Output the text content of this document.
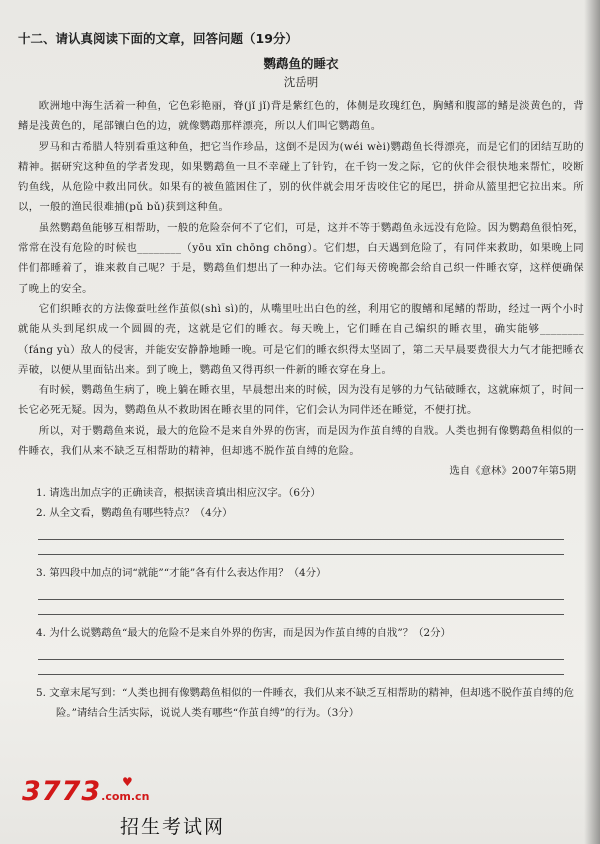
十二、请认真阅读下面的文章，回答问题（19分）

鹦鹉鱼的睡衣

沈岳明

欧洲地中海生活着一种鱼，它色彩艳丽，脊(jǐ jǐ)背是紫红色的，体侧是玫瑰红色，胸鳍和腹部的鳍是淡黄色的，背鳍是浅黄色的，尾部镶白色的边，就像鹦鹉那样漂亮，所以人们叫它鹦鹉鱼。

罗马和古希腊人特别看重这种鱼，把它当作珍品，这倒不是因为(wéi wèi)鹦鹉鱼长得漂亮，而是它们的团结互助的精神。据研究这种鱼的学者发现，如果鹦鹉鱼一旦不幸碰上了针钓，在千钧一发之际，它的伙伴会很快地来帮忙，咬断钓鱼线，从危险中救出同伙。如果有的被鱼篮困住了，别的伙伴就会用牙齿咬住它的尾巴，拼命从篮里把它拉出来。所以，一般的渔民很难捕(pǔ bǔ)获到这种鱼。

虽然鹦鹉鱼能够互相帮助，一般的危险奈何不了它们，可是，这并不等于鹦鹉鱼永远没有危险。因为鹦鹉鱼很怕死，常常在没有危险的时候也________（yōu xīn chōng chōng）。它们想，白天遇到危险了，有同伴来救助，如果晚上同伴们都睡着了，谁来救自己呢？于是，鹦鹉鱼们想出了一种办法。它们每天傍晚都会给自己织一件睡衣穿，这样便确保了晚上的安全。

它们织睡衣的方法像蚕吐丝作茧似(shì sì)的，从嘴里吐出白色的丝，利用它的腹鳍和尾鳍的帮助，经过一两个小时就能从头到尾织成一个圆圆的壳，这就是它们的睡衣。每天晚上，它们睡在自己编织的睡衣里，确实能够________（fáng yù）敌人的侵害，并能安安静静地睡一晚。可是它们的睡衣织得太坚固了，第二天早晨要费很大力气才能把睡衣弄破，以便从里面钻出来。到了晚上，鹦鹉鱼又得再织一件新的睡衣穿在身上。

有时候，鹦鹉鱼生病了，晚上躺在睡衣里，早晨想出来的时候，因为没有足够的力气钻破睡衣，这就麻烦了，时间一长它必死无疑。因为，鹦鹉鱼从不救助困在睡衣里的同伴，它们会认为同伴还在睡觉，不便打扰。

所以，对于鹦鹉鱼来说，最大的危险不是来自外界的伤害，而是因为作茧自缚的自戕。人类也拥有像鹦鹉鱼相似的一件睡衣，我们从来不缺乏互相帮助的精神，但却逃不脱作茧自缚的危险。

选自《意林》2007年第5期

1. 请选出加点字的正确读音，根据读音填出相应汉字。（6分）

2. 从全文看，鹦鹉鱼有哪些特点？（4分）

3. 第四段中加点的词“就能”“才能”各有什么表达作用？（4分）

4. 为什么说鹦鹉鱼“最大的危险不是来自外界的伤害，而是因为作茧自缚的自戕”？（2分）

5. 文章末尾写到：“人类也拥有像鹦鹉鱼相似的一件睡衣，我们从来不缺乏互相帮助的精神，但却逃不脱作茧自缚的危险。”请结合生活实际，说说人类有哪些“作茧自缚”的行为。（3分）

3773.com.cn
♥
招生考试网
